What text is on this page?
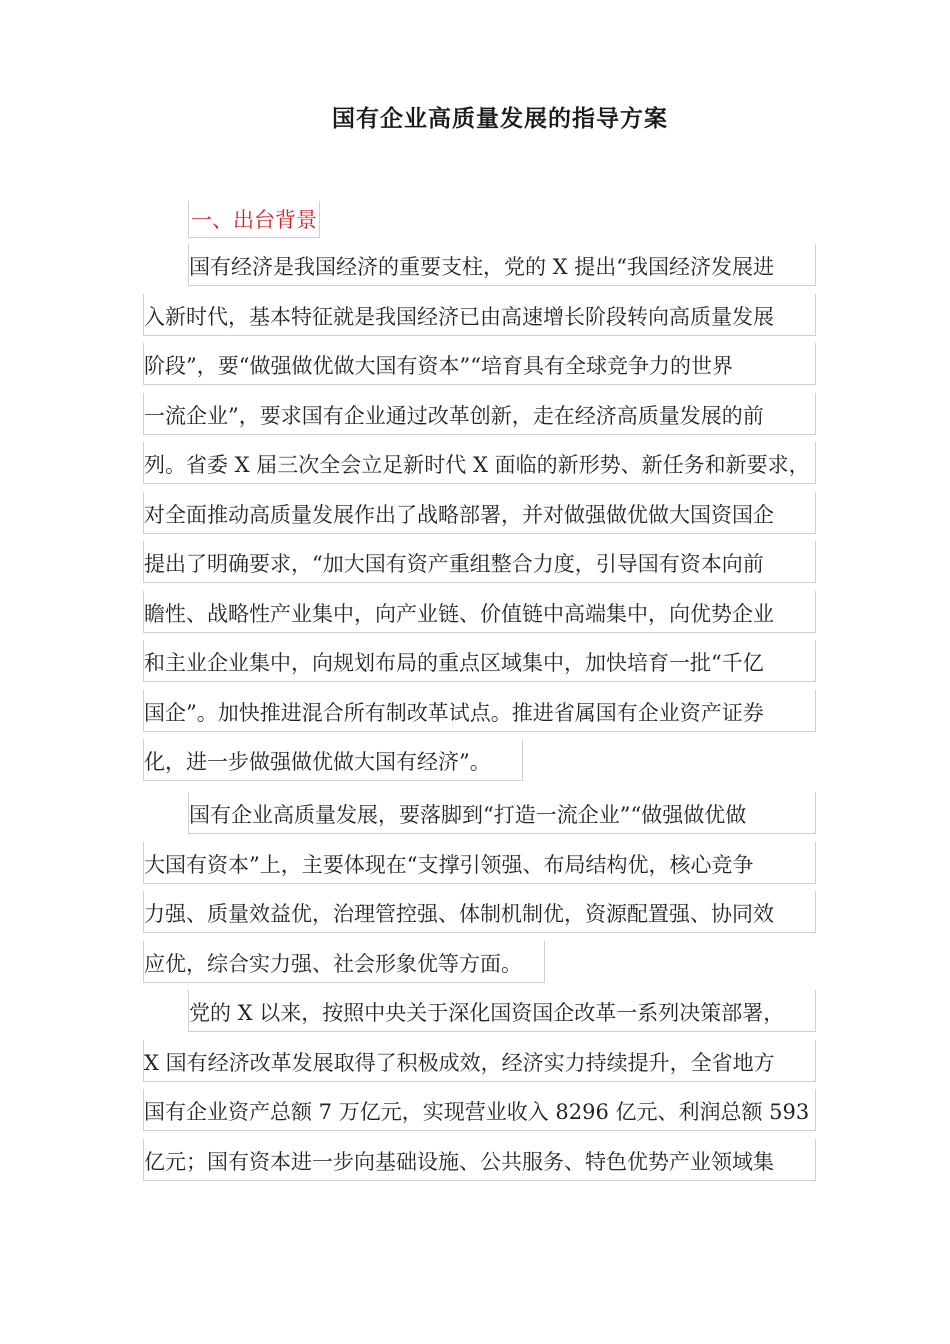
国有企业高质量发展的指导方案
一、出台背景
国有经济是我国经济的重要支柱，党的 X 提出“我国经济发展进
入新时代，基本特征就是我国经济已由高速增长阶段转向高质量发展
阶段”，要“做强做优做大国有资本”“培育具有全球竞争力的世界
一流企业”，要求国有企业通过改革创新，走在经济高质量发展的前
列。省委 X 届三次全会立足新时代 X 面临的新形势、新任务和新要求，
对全面推动高质量发展作出了战略部署，并对做强做优做大国资国企
提出了明确要求，“加大国有资产重组整合力度，引导国有资本向前
瞻性、战略性产业集中，向产业链、价值链中高端集中，向优势企业
和主业企业集中，向规划布局的重点区域集中，加快培育一批“千亿
国企”。加快推进混合所有制改革试点。推进省属国有企业资产证券
化，进一步做强做优做大国有经济”。
国有企业高质量发展，要落脚到“打造一流企业”“做强做优做
大国有资本”上，主要体现在“支撑引领强、布局结构优，核心竞争
力强、质量效益优，治理管控强、体制机制优，资源配置强、协同效
应优，综合实力强、社会形象优等方面。
党的 X 以来，按照中央关于深化国资国企改革一系列决策部署，
X 国有经济改革发展取得了积极成效，经济实力持续提升，全省地方
国有企业资产总额 7 万亿元，实现营业收入 8296 亿元、利润总额 593
亿元；国有资本进一步向基础设施、公共服务、特色优势产业领域集
